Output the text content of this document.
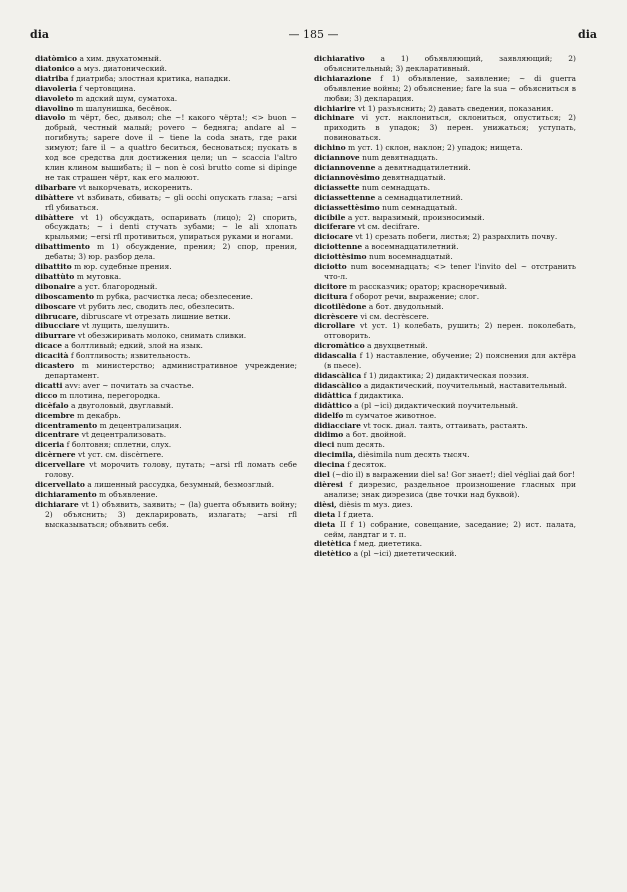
dia	— 185 —	dia

diatòmico a хим. двухатомный.

diatonico a муз. диатонический.

diatriba f диатриба; злостная критика, нападки.

diavoleria f чертовщина.

diavoleto m адский шум, суматоха.

diavolino m шалунишка, бесёнок.

diavolo m чёрт, бес, дьявол; che ~! какого чёрта!; <> buon ~ добрый, честный малый; povero ~ бедняга; andare al ~ погибнуть; sapere dove il ~ tiene la coda знать, где раки зимуют; fare il ~ a quattro беситься, бесноваться; пускать в ход все средства для достижения цели; un ~ scaccia l'altro клин клином вышибать; il ~ non è così brutto come si dipinge не так страшен чёрт, как его малюют.

dibarbare vt выкорчевать, искоренить.

dibàttere vt взбивать, сбивать; ~ gli occhi опускать глаза; ~arsi rfl убиваться.

dibàttere vt 1) обсуждать, оспаривать (лицо); 2) спорить, обсуждать; ~ i denti стучать зубами; ~ le ali хлопать крыльями; ~ersi rfl противиться, упираться руками и ногами.

dibattimento m 1) обсуждение, прения; 2) спор, прения, дебаты; 3) юр. разбор дела.

dibattito m юр. судебные прения.

dibattùto m мутовка.

dibonaire a уст. благородный.

diboscamento m рубка, расчистка леса; обезлесение.

diboscare vt рубить лес, сводить лес, обезлесить.

dibrucare, dibruscare vt отрезать лишние ветки.

dibucciare vt лущить, шелушить.

diburrare vt обезжиривать молоко, снимать сливки.

dicace a болтливый; едкий, злой на язык.

dicacità f болтливость; язвительность.

dicastero m министерство; административное учреждение; департамент.

dicatti avv: aver ~ почитать за счастье.

dicco m плотина, перегородка.

dicèfalo a двуголовый, двуглавый.

dicembre m декабрь.

dicentramento m децентрализация.

dicentrare vt децентрализовать.

diceria f болтовня; сплетни, слух.

dicèrnere vt уст. см. discèrnere.

dicervellare vt морочить голову, путать; ~arsi rfl ломать себе голову.

dicervellato a лишенный рассудка, безумный, безмозглый.

dichiaramento m объявление.

dichiarare vt 1) объявить, заявить; ~ (la) guerra объявить войну; 2) объяснить; 3) декларировать, излагать; ~arsi rfl высказываться; объявить себя.

dichiarativo a 1) объявляющий, заявляющий; 2) объяснительный; 3) декларативный.

dichiarazione f 1) объявление, заявление; ~ di guerra объявление войны; 2) объяснение; fare la sua ~ объясниться в любви; 3) декларация.

dichiarire vt 1) разъяснить; 2) давать сведения, показания.

dichinare vi уст. наклониться, склониться, опуститься; 2) приходить в упадок; 3) перен. унижаться; уступать, повиноваться.

dichino m уст. 1) склон, наклон; 2) упадок; нищета.

diciannove num девятнадцать.

diciannovenne a девятнадцатилетний.

diciannovèsimo девятнадцатый.

diciassette num семнадцать.

diciassettenne a семнадцатилетний.

diciassettèsimo num семнадцатый.

dicibile a уст. выразимый, произносимый.

diciferare vt см. decifrare.

diciocare vt 1) срезать побеги, листья; 2) разрыхлить почву.

diciottenne a восемнадцатилетний.

diciottèsimo num восемнадцатый.

diciotto num восемнадцать; <> tener l'invito del ~ отстранить что-л.

dicitore m рассказчик; оратор; красноречивый.

dicitura f оборот речи, выражение; слог.

dicotilèdone a бот. двудольный.

dicrèscere vi см. decrèscere.

dicrollare vt уст. 1) колебать, рушить; 2) перен. поколебать, отговорить.

dicromàtico a двухцветный.

didascalia f 1) наставление, обучение; 2) пояснения для актёра (в пьесе).

didascàlica f 1) дидактика; 2) дидактическая поэзия.

didascàlico a дидактический, поучительный, наставительный.

didàttica f дидактика.

didàttico a (pl ~ici) дидактический поучительный.

didelfo m сумчатое животное.

didiacciare vt тоск. диал. таять, оттаивать, растаять.

didimo a бот. двойной.

dieci num десять.

diecimila, dièsimila num десять тысяч.

diecina f десяток.

diel (~dio il) в выражении diel sa! Gor знает!; diel végliai дай бог!

dièresi f диэрезис, раздельное произношение гласных при анализе; знак диэрезиса (две точки над буквой).

dièsi, dièsis m муз. диез.

dieta I f диета.

dieta II f 1) собрание, совещание, заседание; 2) ист. палата, сейм, ландтаг и т. п.

dietètica f мед. диететика.

dietètico a (pl ~ici) диететический.
